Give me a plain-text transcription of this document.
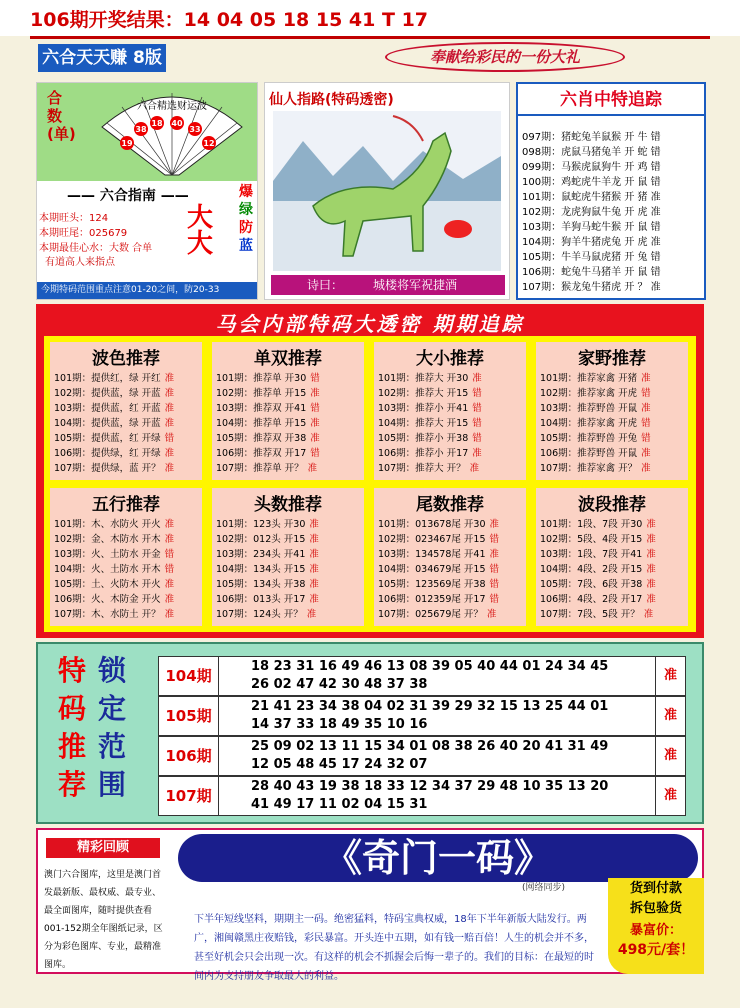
106期开奖结果：14 04 05 18 15 41 T 17
六合天天赚 8版	奉献给彩民的一份大礼
合数(单)
六合精选财运波
19
38
18 40
33
12
—— 六合指南 ——
本期旺头：124
本期旺尾：025679
本期最佳心水：大数 合单
有道高人来指点
大
大
爆
绿
防
蓝
今期特码范围重点注意01-20之间，防20-33
仙人指路(特码透密)
诗曰：	城楼将军祝捷酒
六肖中特追踪
097期：猪蛇兔羊鼠猴 开 牛 错
098期：虎鼠马猪兔羊 开 蛇 错
099期：马猴虎鼠狗牛 开 鸡 错
100期：鸡蛇虎牛羊龙 开 鼠 错
101期：鼠蛇虎牛猪猴 开 猪 准
102期：龙虎狗鼠牛兔 开 虎 准
103期：羊狗马蛇牛猴 开 鼠 错
104期：狗羊牛猪虎兔 开 虎 准
105期：牛羊马鼠虎猪 开 兔 错
106期：蛇兔牛马猪羊 开 鼠 错
107期：猴龙兔牛猪虎 开 ？ 准
马会内部特码大透密 期期追踪
波色推荐
101期：提供红，绿 开红 准
102期：提供蓝，绿 开蓝 准
103期：提供蓝，红 开蓝 准
104期：提供蓝，绿 开蓝 准
105期：提供蓝，红 开绿 错
106期：提供绿，红 开绿 准
107期：提供绿，蓝 开？ 准
单双推荐
101期：推荐单 开30 错
102期：推荐单 开15 准
103期：推荐双 开41 错
104期：推荐单 开15 准
105期：推荐双 开38 准
106期：推荐双 开17 错
107期：推荐单 开？ 准
大小推荐
101期：推荐大 开30 准
102期：推荐大 开15 错
103期：推荐小 开41 错
104期：推荐大 开15 错
105期：推荐小 开38 错
106期：推荐小 开17 准
107期：推荐大 开？ 准
家野推荐
101期：推荐家禽 开猪 准
102期：推荐家禽 开虎 错
103期：推荐野兽 开鼠 准
104期：推荐家禽 开虎 错
105期：推荐野兽 开兔 错
106期：推荐野兽 开鼠 准
107期：推荐家禽 开？ 准
五行推荐
101期：木、水防火 开火 准
102期：金、木防水 开木 准
103期：火、土防水 开金 错
104期：火、土防水 开木 错
105期：土、火防木 开火 准
106期：火、木防金 开火 准
107期：木、水防土 开？ 准
头数推荐
101期：123头 开30 准
102期：012头 开15 准
103期：234头 开41 准
104期：134头 开15 准
105期：134头 开38 准
106期：013头 开17 准
107期：124头 开？ 准
尾数推荐
101期：013678尾 开30 准
102期：023467尾 开15 错
103期：134578尾 开41 准
104期：034679尾 开15 错
105期：123569尾 开38 错
106期：012359尾 开17 错
107期：025679尾 开？ 准
波段推荐
101期：1段、7段 开30 准
102期：5段、4段 开15 准
103期：1段、7段 开41 准
104期：4段、2段 开15 准
105期：7段、6段 开38 准
106期：4段、2段 开17 准
107期：7段、5段 开？ 准
特
码
推
荐
锁
定
范
围
104期
18 23 31 16 49 46 13 08 39 05 40 44 01 24 34 45
26 02 47 42 30 48 37 38
准
105期
21 41 23 34 38 04 02 31 39 29 32 15 13 25 44 01
14 37 33 18 49 35 10 16
准
106期
25 09 02 13 11 15 34 01 08 38 26 40 20 41 31 49
12 05 48 45 17 24 32 07
准
107期
28 40 43 19 38 18 33 12 34 37 29 48 10 35 13 20
41 49 17 11 02 04 15 31
准
精彩回顾
澳门六合图库，这里是澳门首发最新版、最权威、最专业、最全面图库，随时提供查看001-152期全年图纸记录，区分为彩色图库、专业，最精准图库。
《奇门一码》
(网络同步)
下半年短线坚料，期期主一码。绝密猛料，特码宝典权威，18年下半年新版大陆发行。两广，湘闽赣黑庄夜赔钱，彩民暴富。开头连中五期，如有钱一赔百倍！人生的机会并不多，甚至好机会只会出现一次。有这样的机会不抓握会后悔一辈子的。我们的目标：在最短的时间内为支持朋友争取最大的利益。
货到付款
拆包验货
暴富价：
498元/套！
